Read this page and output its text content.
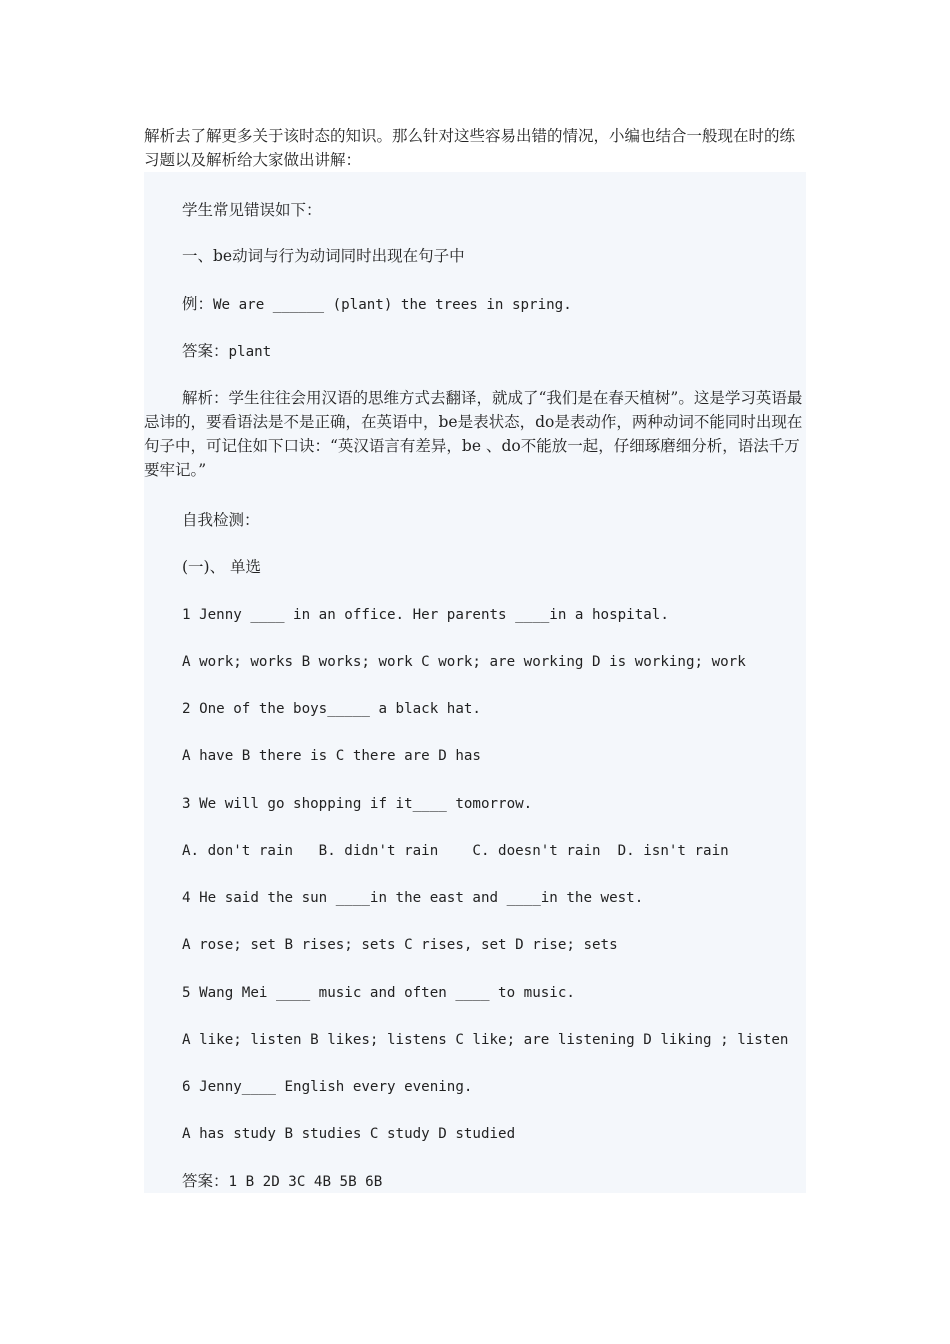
解析去了解更多关于该时态的知识。那么针对这些容易出错的情况，小编也结合一般现在时的练习题以及解析给大家做出讲解：

学生常见错误如下：

一、be动词与行为动词同时出现在句子中

例：We are ______ (plant) the trees in spring.

答案：plant

解析：学生往往会用汉语的思维方式去翻译，就成了“我们是在春天植树”。这是学习英语最忌讳的，要看语法是不是正确，在英语中，be是表状态，do是表动作，两种动词不能同时出现在句子中，可记住如下口诀：“英汉语言有差异，be 、do不能放一起，仔细琢磨细分析，语法千万要牢记。”

自我检测：

(一)、 单选

1 Jenny ____ in an office. Her parents ____in a hospital.

A work; works B works; work C work; are working D is working; work

2 One of the boys_____ a black hat.

A have B there is C there are D has

3 We will go shopping if it____ tomorrow.

A. don't rain   B. didn't rain    C. doesn't rain  D. isn't rain

4 He said the sun ____in the east and ____in the west.

A rose; set B rises; sets C rises, set D rise; sets

5 Wang Mei ____ music and often ____ to music.

A like; listen B likes; listens C like; are listening D liking ; listen

6 Jenny____ English every evening.

A has study B studies C study D studied

答案：1 B 2D 3C 4B 5B 6B
